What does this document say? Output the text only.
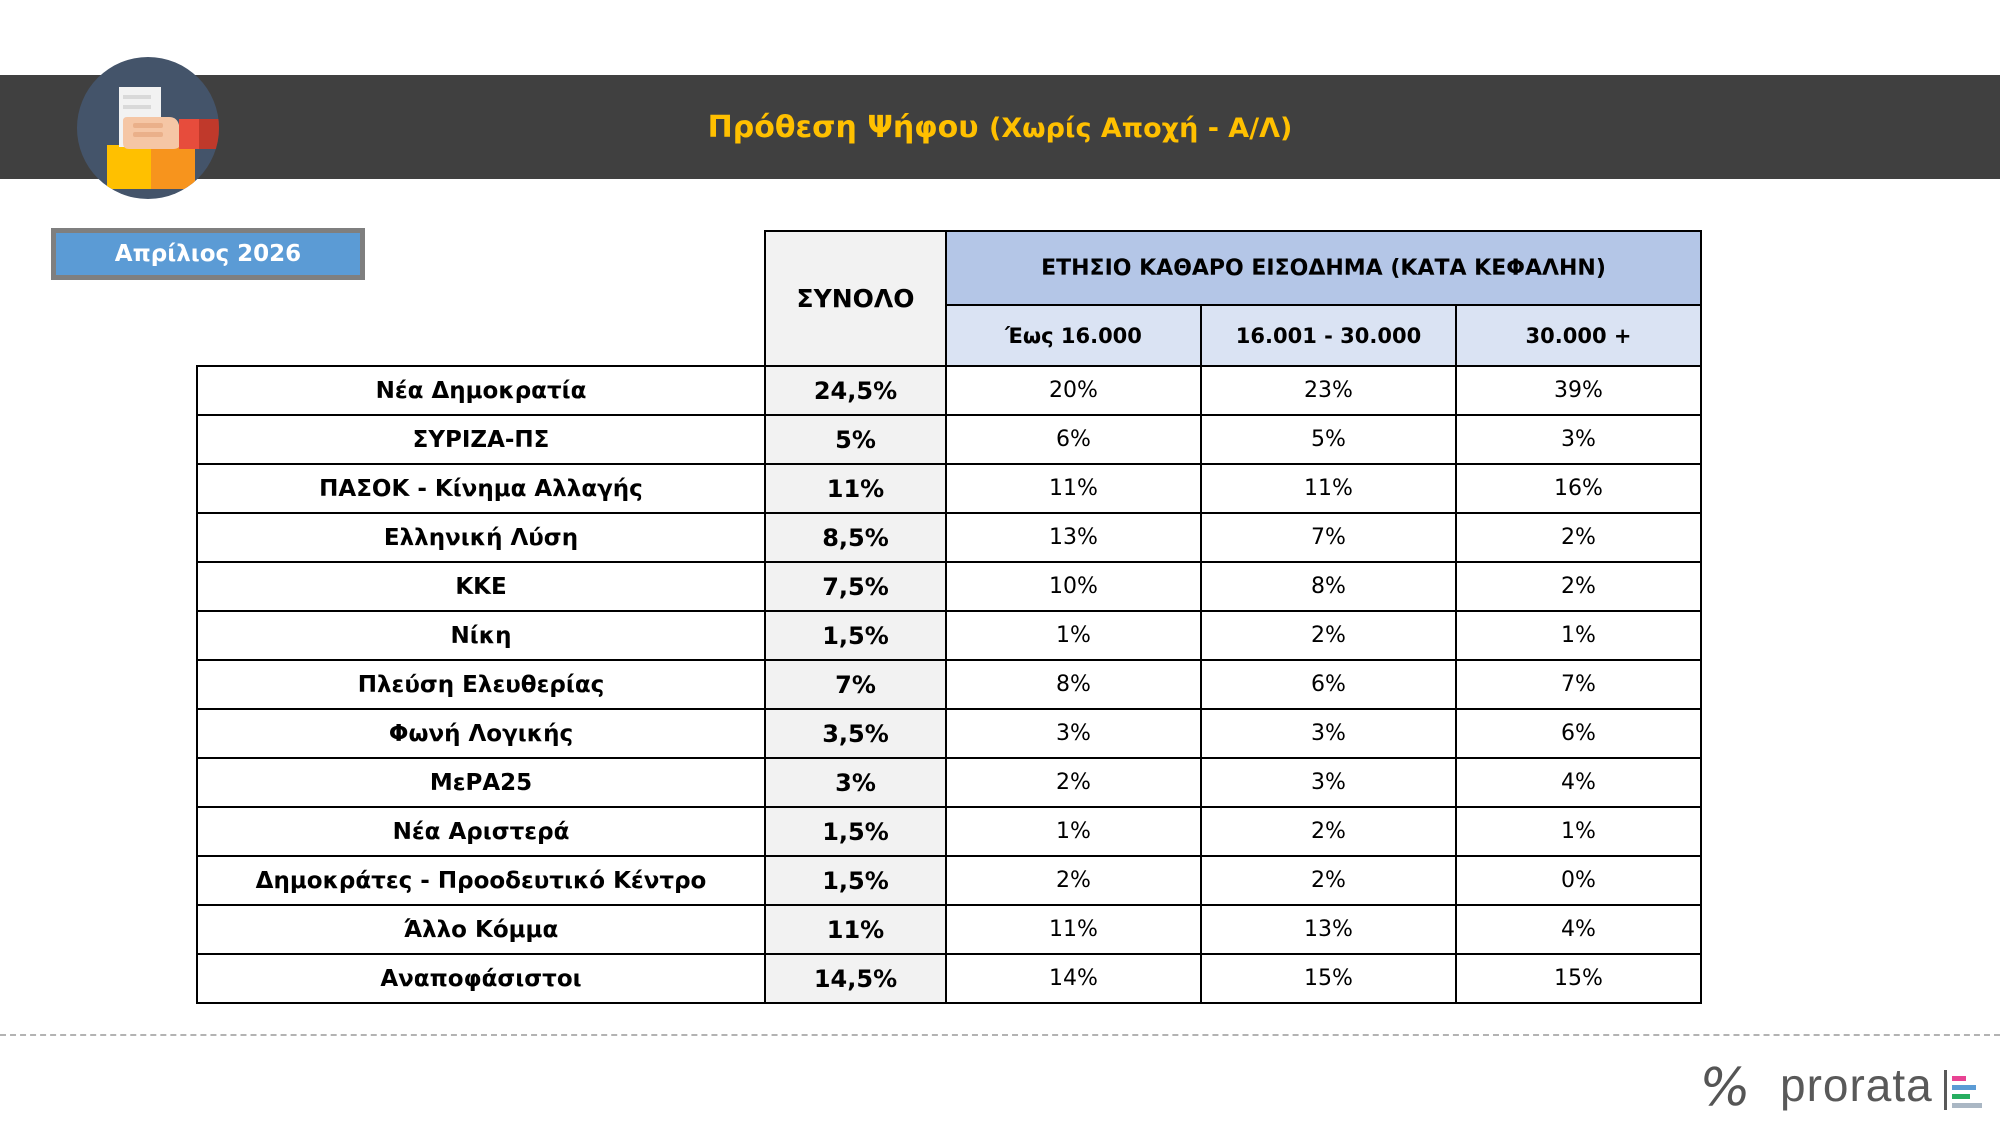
Πρόθεση Ψήφου (Χωρίς Αποχή - Α/Λ)
Απρίλιος 2026
	ΣΥΝΟΛΟ	ΕΤΗΣΙΟ ΚΑΘΑΡΟ ΕΙΣΟΔΗΜΑ (ΚΑΤΑ ΚΕΦΑΛΗΝ)		
		Έως 16.000	16.001 - 30.000	30.000 +
Νέα Δημοκρατία	24,5%	20%	23%	39%
ΣΥΡΙΖΑ-ΠΣ	5%	6%	5%	3%
ΠΑΣΟΚ - Κίνημα Αλλαγής	11%	11%	11%	16%
Ελληνική Λύση	8,5%	13%	7%	2%
ΚΚΕ	7,5%	10%	8%	2%
Νίκη	1,5%	1%	2%	1%
Πλεύση Ελευθερίας	7%	8%	6%	7%
Φωνή Λογικής	3,5%	3%	3%	6%
ΜεΡΑ25	3%	2%	3%	4%
Νέα Αριστερά	1,5%	1%	2%	1%
Δημοκράτες - Προοδευτικό Κέντρο	1,5%	2%	2%	0%
Άλλο Κόμμα	11%	11%	13%	4%
Αναποφάσιστοι	14,5%	14%	15%	15%
% prorata
